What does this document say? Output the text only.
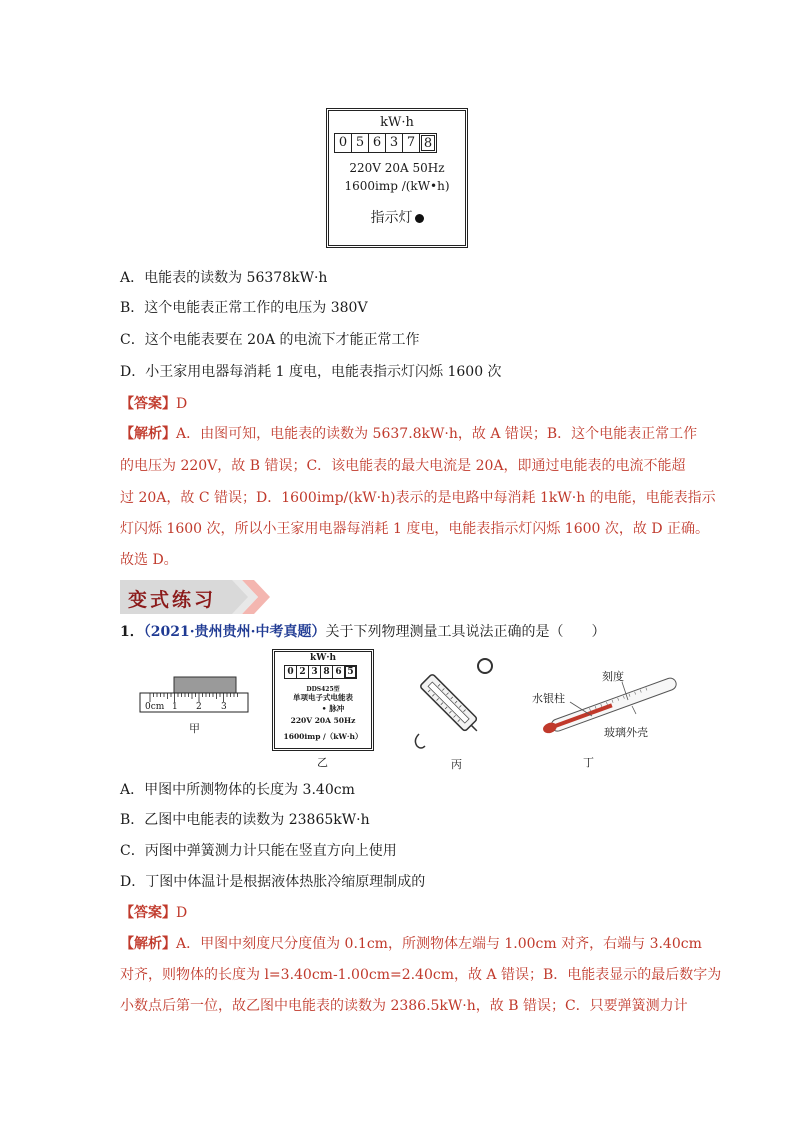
kW·h
0 5 6 3 7 8
220V 20A 50Hz
1600imp /(kW•h)
指示灯
A．电能表的读数为 56378kW·h
B．这个电能表正常工作的电压为 380V
C．这个电能表要在 20A 的电流下才能正常工作
D．小王家用电器每消耗 1 度电，电能表指示灯闪烁 1600 次
【答案】D
【解析】A．由图可知，电能表的读数为 5637.8kW·h，故 A 错误；B．这个电能表正常工作
的电压为 220V，故 B 错误；C．该电能表的最大电流是 20A，即通过电能表的电流不能超
过 20A，故 C 错误；D．1600imp/(kW·h)表示的是电路中每消耗 1kW·h 的电能，电能表指示
灯闪烁 1600 次，所以小王家用电器每消耗 1 度电，电能表指示灯闪烁 1600 次，故 D 正确。
故选 D。
变式练习
1．（2021·贵州贵州·中考真题）关于下列物理测量工具说法正确的是（　　）
0cm 1 2 3
甲
kW·h
0 2 3 8 6 5
DDS425型
单项电子式电能表
• 脉冲
220V 20A 50Hz
1600imp /（kW·h）
乙	丙
水银柱
刻度
玻璃外壳
丁
A．甲图中所测物体的长度为 3.40cm
B．乙图中电能表的读数为 23865kW·h
C．丙图中弹簧测力计只能在竖直方向上使用
D．丁图中体温计是根据液体热胀冷缩原理制成的
【答案】D
【解析】A．甲图中刻度尺分度值为 0.1cm，所测物体左端与 1.00cm 对齐，右端与 3.40cm
对齐，则物体的长度为 l=3.40cm-1.00cm=2.40cm，故 A 错误；B．电能表显示的最后数字为
小数点后第一位，故乙图中电能表的读数为 2386.5kW·h，故 B 错误；C．只要弹簧测力计
